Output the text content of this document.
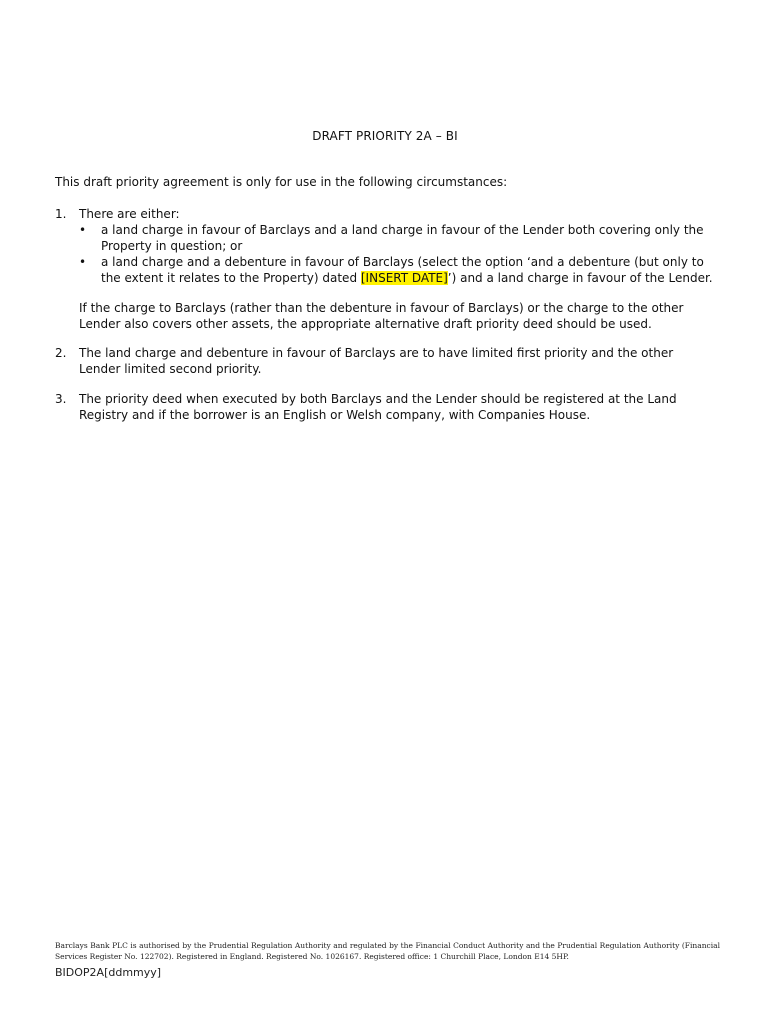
DRAFT PRIORITY 2A – BI
This draft priority agreement is only for use in the following circumstances:
1. There are either:
• a land charge in favour of Barclays and a land charge in favour of the Lender both covering only the Property in question; or
• a land charge and a debenture in favour of Barclays (select the option ‘and a debenture (but only to the extent it relates to the Property) dated [INSERT DATE]’) and a land charge in favour of the Lender.
If the charge to Barclays (rather than the debenture in favour of Barclays) or the charge to the other Lender also covers other assets, the appropriate alternative draft priority deed should be used.
2. The land charge and debenture in favour of Barclays are to have limited first priority and the other Lender limited second priority.
3. The priority deed when executed by both Barclays and the Lender should be registered at the Land Registry and if the borrower is an English or Welsh company, with Companies House.
Barclays Bank PLC is authorised by the Prudential Regulation Authority and regulated by the Financial Conduct Authority and the Prudential Regulation Authority (Financial Services Register No. 122702). Registered in England. Registered No. 1026167. Registered office: 1 Churchill Place, London E14 5HP.
BIDOP2A[ddmmyy]
